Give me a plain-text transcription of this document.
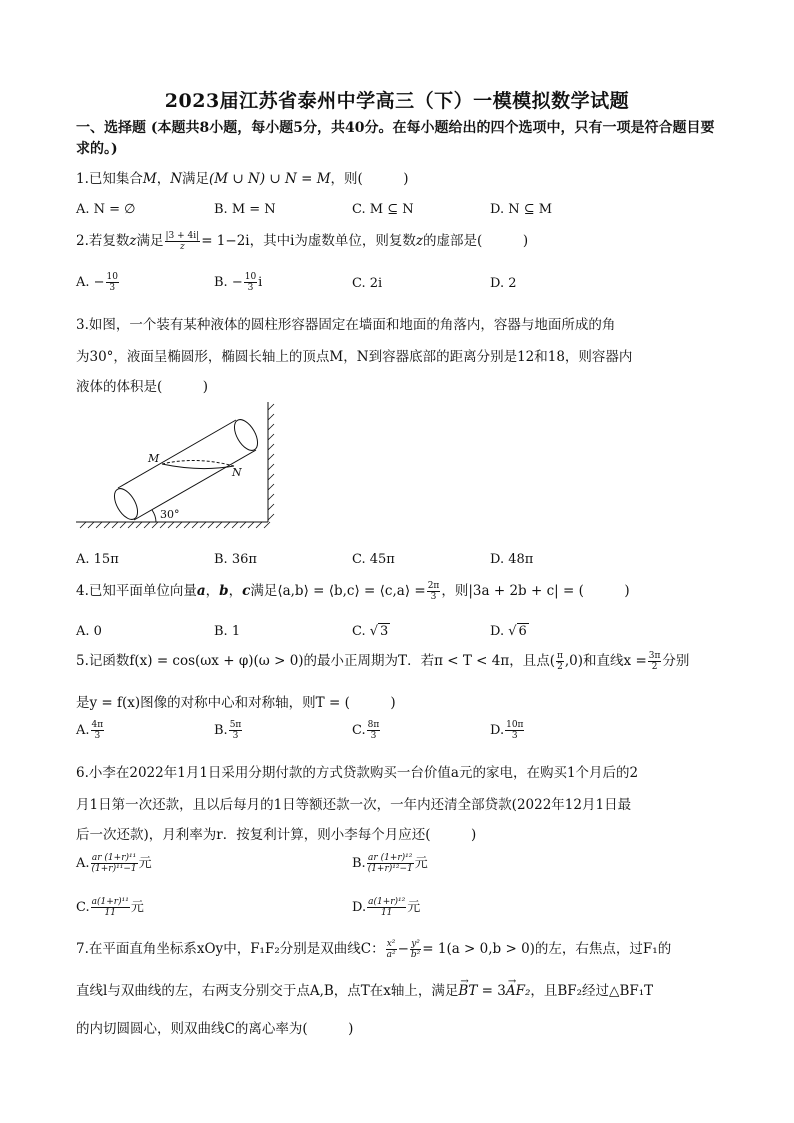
2023届江苏省泰州中学高三（下）一模模拟数学试题
一、选择题 (本题共8小题，每小题5分，共40分。在每小题给出的四个选项中，只有一项是符合题目要求的。)
1.已知集合M，N满足(M ∪ N) ∪ N = M，则(　　　)
A. N = ∅	B. M = N	C. M ⊆ N	D. N ⊆ M
2.若复数z满足 $\frac{|3 + 4i|}{z} = 1-2i$，其中i为虚数单位，则复数z的虚部是(　　　)
A. − $\frac{10}{3}$	B. − $\frac{10}{3}$ i	C. 2i	D. 2
3.如图，一个装有某种液体的圆柱形容器固定在墙面和地面的角落内，容器与地面所成的角
为30°，液面呈椭圆形，椭圆长轴上的顶点M，N到容器底部的距离分别是12和18，则容器内
液体的体积是(　　　)
M
N
30°
A. 15π	B. 36π	C. 45π	D. 48π
4.已知平面单位向量a，b，c满足⟨a,b⟩ = ⟨b,c⟩ = ⟨c,a⟩ = $\frac{2\pi}{3}$ ，则|3a + 2b + c| = (　　　)
A. 0	B. 1	C. √ 3	D. √ 6
5.记函数f(x) = cos(ωx + φ)(ω > 0)的最小正周期为T．若π < T < 4π，且点( $\frac{\pi}{2} ,0$)和直线$x = \frac{3\pi}{2}$ 分别
是y = f(x)图像的对称中心和对称轴，则T = (　　　)
A. $\frac{4\pi}{3}$	B. $\frac{5\pi}{3}$	C. $\frac{8\pi}{3}$	D. $\frac{10\pi}{3}$
6.小李在2022年1月1日采用分期付款的方式贷款购买一台价值a元的家电，在购买1个月后的2
月1日第一次还款，且以后每月的1日等额还款一次，一年内还清全部贷款(2022年12月1日最
后一次还款)，月利率为r．按复利计算，则小李每个月应还(　　　)
A. $\frac{\text{ar (1+r)¹¹}}{\text{(1+r)¹¹−1}}$ 元	B. $\frac{\text{ar (1+r)¹²}}{\text{(1+r)¹²−1}}$ 元
C. $\frac{\text{a(1+r)¹¹}}{11}$ 元	D. $\frac{\text{a(1+r)¹²}}{11}$ 元
7.在平面直角坐标系xOy中，F₁F₂分别是双曲线C： $\frac{\text{x²}}{\text{a²}} - \frac{\text{y²}}{\text{b²}} = 1(a > 0,b > 0)$的左，右焦点，过F₁的
直线l与双曲线的左，右两支分别交于点A,B，点T在x轴上，满足→ BT = 3→ AF₂，且BF₂经过△BF₁T
的内切圆圆心，则双曲线C的离心率为(　　　)
